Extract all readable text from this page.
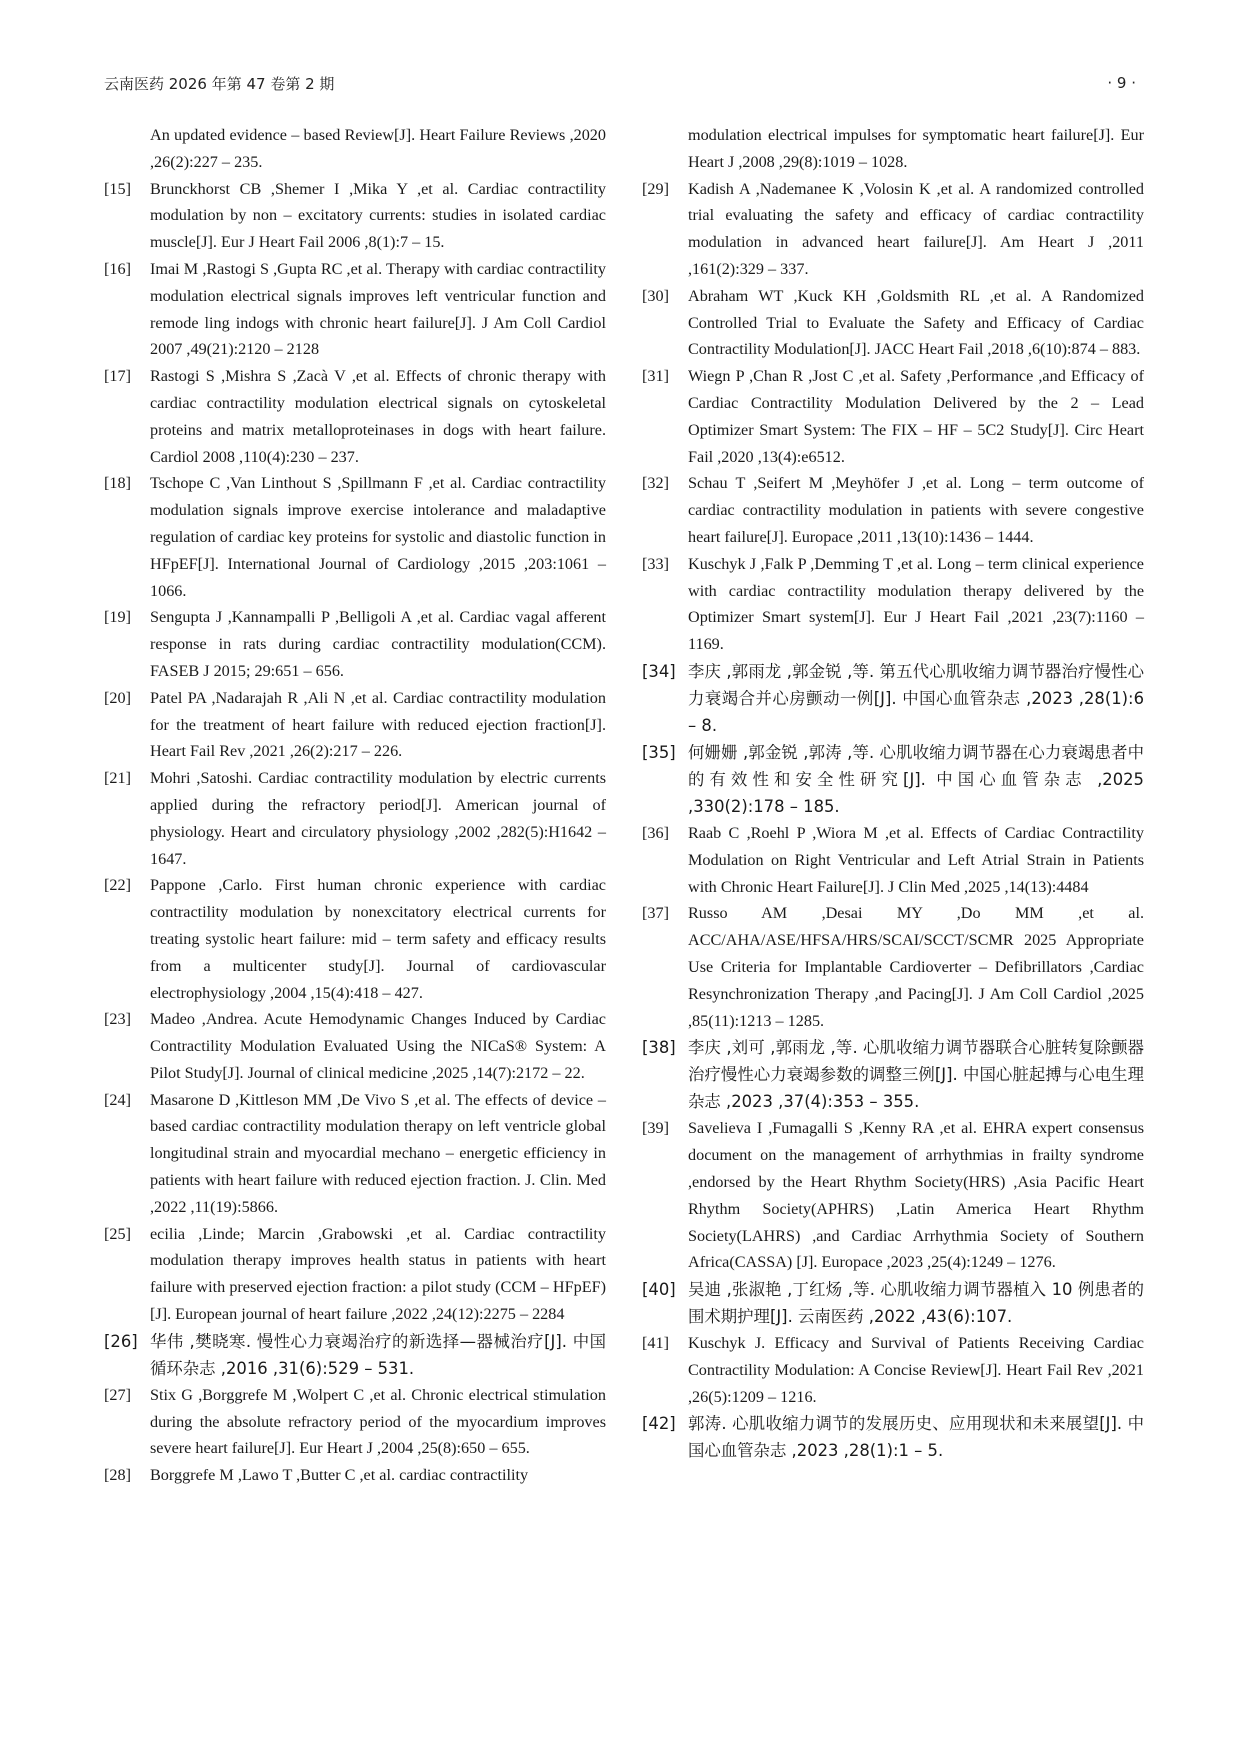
云南医药 2026 年第 47 卷第 2 期	· 9 ·
An updated evidence – based Review[J]. Heart Failure Reviews ,2020 ,26(2):227 – 235.
[15]	Brunckhorst CB ,Shemer I ,Mika Y ,et al. Cardiac contractility modulation by non – excitatory currents: studies in isolated cardiac muscle[J]. Eur J Heart Fail 2006 ,8(1):7 – 15.
[16]	Imai M ,Rastogi S ,Gupta RC ,et al. Therapy with cardiac contractility modulation electrical signals improves left ventricular function and remode ling indogs with chronic heart failure[J]. J Am Coll Cardiol 2007 ,49(21):2120 – 2128
[17]	Rastogi S ,Mishra S ,Zacà V ,et al. Effects of chronic therapy with cardiac contractility modulation electrical signals on cytoskeletal proteins and matrix metalloproteinases in dogs with heart failure. Cardiol 2008 ,110(4):230 – 237.
[18]	Tschope C ,Van Linthout S ,Spillmann F ,et al. Cardiac contractility modulation signals improve exercise intolerance and maladaptive regulation of cardiac key proteins for systolic and diastolic function in HFpEF[J]. International Journal of Cardiology ,2015 ,203:1061 – 1066.
[19]	Sengupta J ,Kannampalli P ,Belligoli A ,et al. Cardiac vagal afferent response in rats during cardiac contractility modulation(CCM). FASEB J 2015; 29:651 – 656.
[20]	Patel PA ,Nadarajah R ,Ali N ,et al. Cardiac contractility modulation for the treatment of heart failure with reduced ejection fraction[J]. Heart Fail Rev ,2021 ,26(2):217 – 226.
[21]	Mohri ,Satoshi. Cardiac contractility modulation by electric currents applied during the refractory period[J]. American journal of physiology. Heart and circulatory physiology ,2002 ,282(5):H1642 – 1647.
[22]	Pappone ,Carlo. First human chronic experience with cardiac contractility modulation by nonexcitatory electrical currents for treating systolic heart failure: mid – term safety and efficacy results from a multicenter study[J]. Journal of cardiovascular electrophysiology ,2004 ,15(4):418 – 427.
[23]	Madeo ,Andrea. Acute Hemodynamic Changes Induced by Cardiac Contractility Modulation Evaluated Using the NICaS® System: A Pilot Study[J]. Journal of clinical medicine ,2025 ,14(7):2172 – 22.
[24]	Masarone D ,Kittleson MM ,De Vivo S ,et al. The effects of device – based cardiac contractility modulation therapy on left ventricle global longitudinal strain and myocardial mechano – energetic efficiency in patients with heart failure with reduced ejection fraction. J. Clin. Med ,2022 ,11(19):5866.
[25]	ecilia ,Linde; Marcin ,Grabowski ,et al. Cardiac contractility modulation therapy improves health status in patients with heart failure with preserved ejection fraction: a pilot study (CCM – HFpEF) [J]. European journal of heart failure ,2022 ,24(12):2275 – 2284
[26] 华伟 ,樊晓寒. 慢性心力衰竭治疗的新选择—器械治疗[J]. 中国循环杂志 ,2016 ,31(6):529 – 531.
[27]	Stix G ,Borggrefe M ,Wolpert C ,et al. Chronic electrical stimulation during the absolute refractory period of the myocardium improves severe heart failure[J]. Eur Heart J ,2004 ,25(8):650 – 655.
[28]	Borggrefe M ,Lawo T ,Butter C ,et al. cardiac contractility
modulation electrical impulses for symptomatic heart failure[J]. Eur Heart J ,2008 ,29(8):1019 – 1028.
[29]	Kadish A ,Nademanee K ,Volosin K ,et al. A randomized controlled trial evaluating the safety and efficacy of cardiac contractility modulation in advanced heart failure[J]. Am Heart J ,2011 ,161(2):329 – 337.
[30]	Abraham WT ,Kuck KH ,Goldsmith RL ,et al. A Randomized Controlled Trial to Evaluate the Safety and Efficacy of Cardiac Contractility Modulation[J]. JACC Heart Fail ,2018 ,6(10):874 – 883.
[31]	Wiegn P ,Chan R ,Jost C ,et al. Safety ,Performance ,and Efficacy of Cardiac Contractility Modulation Delivered by the 2 – Lead Optimizer Smart System: The FIX – HF – 5C2 Study[J]. Circ Heart Fail ,2020 ,13(4):e6512.
[32]	Schau T ,Seifert M ,Meyhöfer J ,et al. Long – term outcome of cardiac contractility modulation in patients with severe congestive heart failure[J]. Europace ,2011 ,13(10):1436 – 1444.
[33]	Kuschyk J ,Falk P ,Demming T ,et al. Long – term clinical experience with cardiac contractility modulation therapy delivered by the Optimizer Smart system[J]. Eur J Heart Fail ,2021 ,23(7):1160 – 1169.
[34] 李庆 ,郭雨龙 ,郭金锐 ,等. 第五代心肌收缩力调节器治疗慢性心力衰竭合并心房颤动一例[J]. 中国心血管杂志 ,2023 ,28(1):6 – 8.
[35] 何姗姗 ,郭金锐 ,郭涛 ,等. 心肌收缩力调节器在心力衰竭患者中的有效性和安全性研究[J]. 中国心血管杂志 ,2025 ,330(2):178 – 185.
[36]	Raab C ,Roehl P ,Wiora M ,et al. Effects of Cardiac Contractility Modulation on Right Ventricular and Left Atrial Strain in Patients with Chronic Heart Failure[J]. J Clin Med ,2025 ,14(13):4484
[37]	Russo AM ,Desai MY ,Do MM ,et al. ACC/AHA/ASE/HFSA/HRS/SCAI/SCCT/SCMR 2025 Appropriate Use Criteria for Implantable Cardioverter – Defibrillators ,Cardiac Resynchronization Therapy ,and Pacing[J]. J Am Coll Cardiol ,2025 ,85(11):1213 – 1285.
[38] 李庆 ,刘可 ,郭雨龙 ,等. 心肌收缩力调节器联合心脏转复除颤器治疗慢性心力衰竭参数的调整三例[J]. 中国心脏起搏与心电生理杂志 ,2023 ,37(4):353 – 355.
[39]	Savelieva I ,Fumagalli S ,Kenny RA ,et al. EHRA expert consensus document on the management of arrhythmias in frailty syndrome ,endorsed by the Heart Rhythm Society(HRS) ,Asia Pacific Heart Rhythm Society(APHRS) ,Latin America Heart Rhythm Society(LAHRS) ,and Cardiac Arrhythmia Society of Southern Africa(CASSA) [J]. Europace ,2023 ,25(4):1249 – 1276.
[40] 吴迪 ,张淑艳 ,丁红炀 ,等. 心肌收缩力调节器植入 10 例患者的围术期护理[J]. 云南医药 ,2022 ,43(6):107.
[41]	Kuschyk J. Efficacy and Survival of Patients Receiving Cardiac Contractility Modulation: A Concise Review[J]. Heart Fail Rev ,2021 ,26(5):1209 – 1216.
[42] 郭涛. 心肌收缩力调节的发展历史、应用现状和未来展望[J]. 中国心血管杂志 ,2023 ,28(1):1 – 5.
